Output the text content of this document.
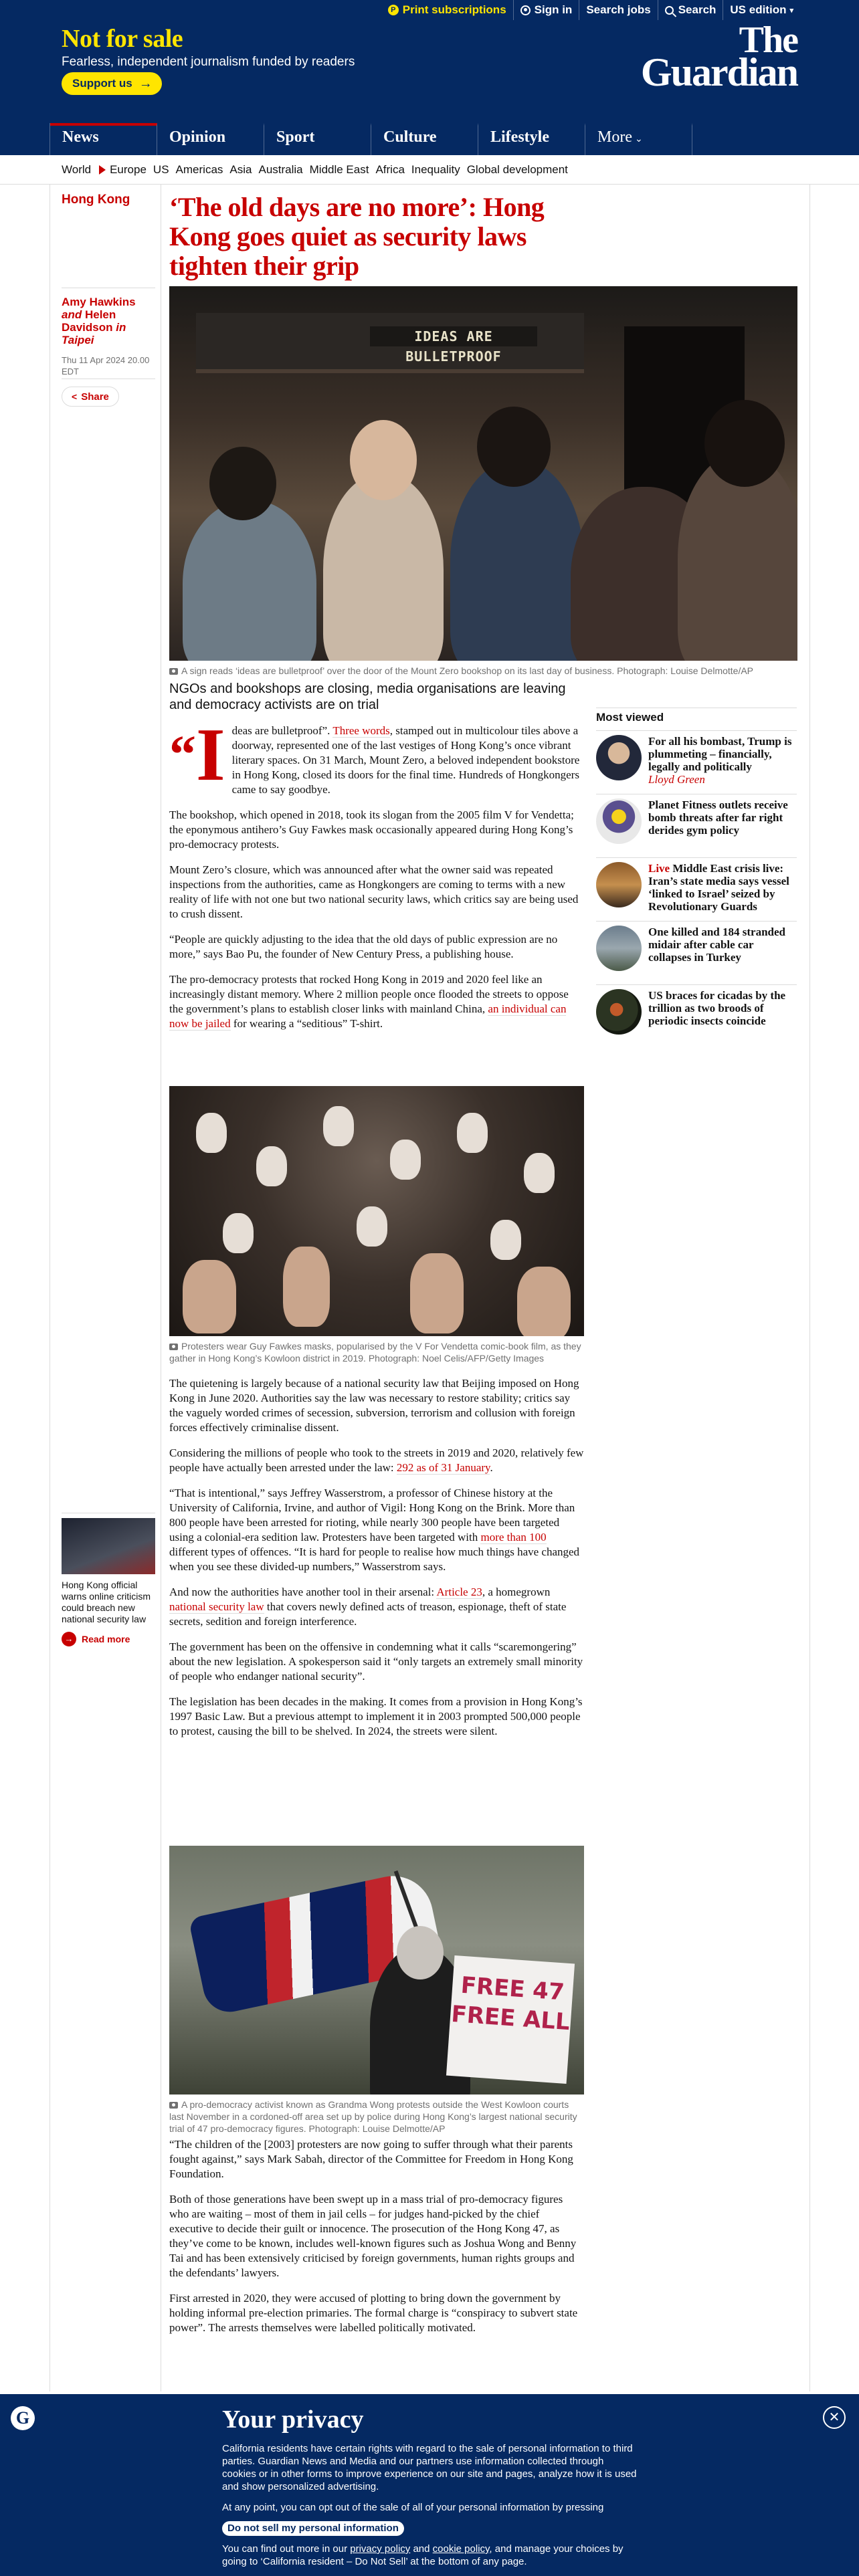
P Print subscriptions Sign in Search jobs Search US edition ▾
Not for sale
Fearless, independent journalism funded by readers
Support us →
The
Guardian
News	Opinion	Sport	Culture	Lifestyle	More ⌄
World Europe US Americas Asia Australia Middle East Africa Inequality Global development
Hong Kong ‘The old days are no more’: Hong Kong goes quiet as security laws tighten their grip
Amy Hawkins and Helen Davidson in Taipei
Thu 11 Apr 2024 20.00 EDT
< Share
IDEAS ARE BULLETPROOF
A sign reads ‘ideas are bulletproof’ over the door of the Mount Zero bookshop on its last day of business. Photograph: Louise Delmotte/AP
NGOs and bookshops are closing, media organisations are leaving and democracy activists are on trial

“I deas are bulletproof”. Three words, stamped out in multicolour tiles above a doorway, represented one of the last vestiges of Hong Kong’s once vibrant literary spaces. On 31 March, Mount Zero, a beloved independent bookstore in Hong Kong, closed its doors for the final time. Hundreds of Hongkongers came to say goodbye.

The bookshop, which opened in 2018, took its slogan from the 2005 film V for Vendetta; the eponymous antihero’s Guy Fawkes mask occasionally appeared during Hong Kong’s pro-democracy protests.

Mount Zero’s closure, which was announced after what the owner said was repeated inspections from the authorities, came as Hongkongers are coming to terms with a new reality of life with not one but two national security laws, which critics say are being used to crush dissent.

“People are quickly adjusting to the idea that the old days of public expression are no more,” says Bao Pu, the founder of New Century Press, a publishing house.

The pro-democracy protests that rocked Hong Kong in 2019 and 2020 feel like an increasingly distant memory. Where 2 million people once flooded the streets to oppose the government’s plans to establish closer links with mainland China, an individual can now be jailed for wearing a “seditious” T-shirt.

Protesters wear Guy Fawkes masks, popularised by the V For Vendetta comic-book film, as they gather in Hong Kong’s Kowloon district in 2019. Photograph: Noel Celis/AFP/Getty Images

The quietening is largely because of a national security law that Beijing imposed on Hong Kong in June 2020. Authorities say the law was necessary to restore stability; critics say the vaguely worded crimes of secession, subversion, terrorism and collusion with foreign forces effectively criminalise dissent.

Considering the millions of people who took to the streets in 2019 and 2020, relatively few people have actually been arrested under the law: 292 as of 31 January.

“That is intentional,” says Jeffrey Wasserstrom, a professor of Chinese history at the University of California, Irvine, and author of Vigil: Hong Kong on the Brink. More than 800 people have been arrested for rioting, while nearly 300 people have been targeted using a colonial-era sedition law. Protesters have been targeted with more than 100 different types of offences. “It is hard for people to realise how much things have changed when you see these divided-up numbers,” Wasserstrom says.

And now the authorities have another tool in their arsenal: Article 23, a homegrown national security law that covers newly defined acts of treason, espionage, theft of state secrets, sedition and foreign interference.

The government has been on the offensive in condemning what it calls “scaremongering” about the new legislation. A spokesperson said it “only targets an extremely small minority of people who endanger national security”.

The legislation has been decades in the making. It comes from a provision in Hong Kong’s 1997 Basic Law. But a previous attempt to implement it in 2003 prompted 500,000 people to protest, causing the bill to be shelved. In 2024, the streets were silent.

FREE 47 FREE ALL
A pro-democracy activist known as Grandma Wong protests outside the West Kowloon courts last November in a cordoned-off area set up by police during Hong Kong’s largest national security trial of 47 pro-democracy figures. Photograph: Louise Delmotte/AP

“The children of the [2003] protesters are now going to suffer through what their parents fought against,” says Mark Sabah, director of the Committee for Freedom in Hong Kong Foundation.

Both of those generations have been swept up in a mass trial of pro-democracy figures who are waiting – most of them in jail cells – for judges hand-picked by the chief executive to decide their guilt or innocence. The prosecution of the Hong Kong 47, as they’ve come to be known, includes well-known figures such as Joshua Wong and Benny Tai and has been extensively criticised by foreign governments, human rights groups and the defendants’ lawyers.

First arrested in 2020, they were accused of plotting to bring down the government by holding informal pre-election primaries. The formal charge is “conspiracy to subvert state power”. The arrests themselves were labelled politically motivated.

Hong Kong official warns online criticism could breach new national security law
→ Read more
Most viewed
For all his bombast, Trump is plummeting – financially, legally and politically
Lloyd Green
Planet Fitness outlets receive bomb threats after far right derides gym policy
Live Middle East crisis live: Iran’s state media says vessel ‘linked to Israel’ seized by Revolutionary Guards
One killed and 184 stranded midair after cable car collapses in Turkey
US braces for cicadas by the trillion as two broods of periodic insects coincide
G	✕
Your privacy

California residents have certain rights with regard to the sale of personal information to third parties. Guardian News and Media and our partners use information collected through cookies or in other forms to improve experience on our site and pages, analyze how it is used and show personalized advertising.

At any point, you can opt out of the sale of all of your personal information by pressing

Do not sell my personal information

You can find out more in our privacy policy and cookie policy, and manage your choices by going to ‘California resident – Do Not Sell’ at the bottom of any page.
